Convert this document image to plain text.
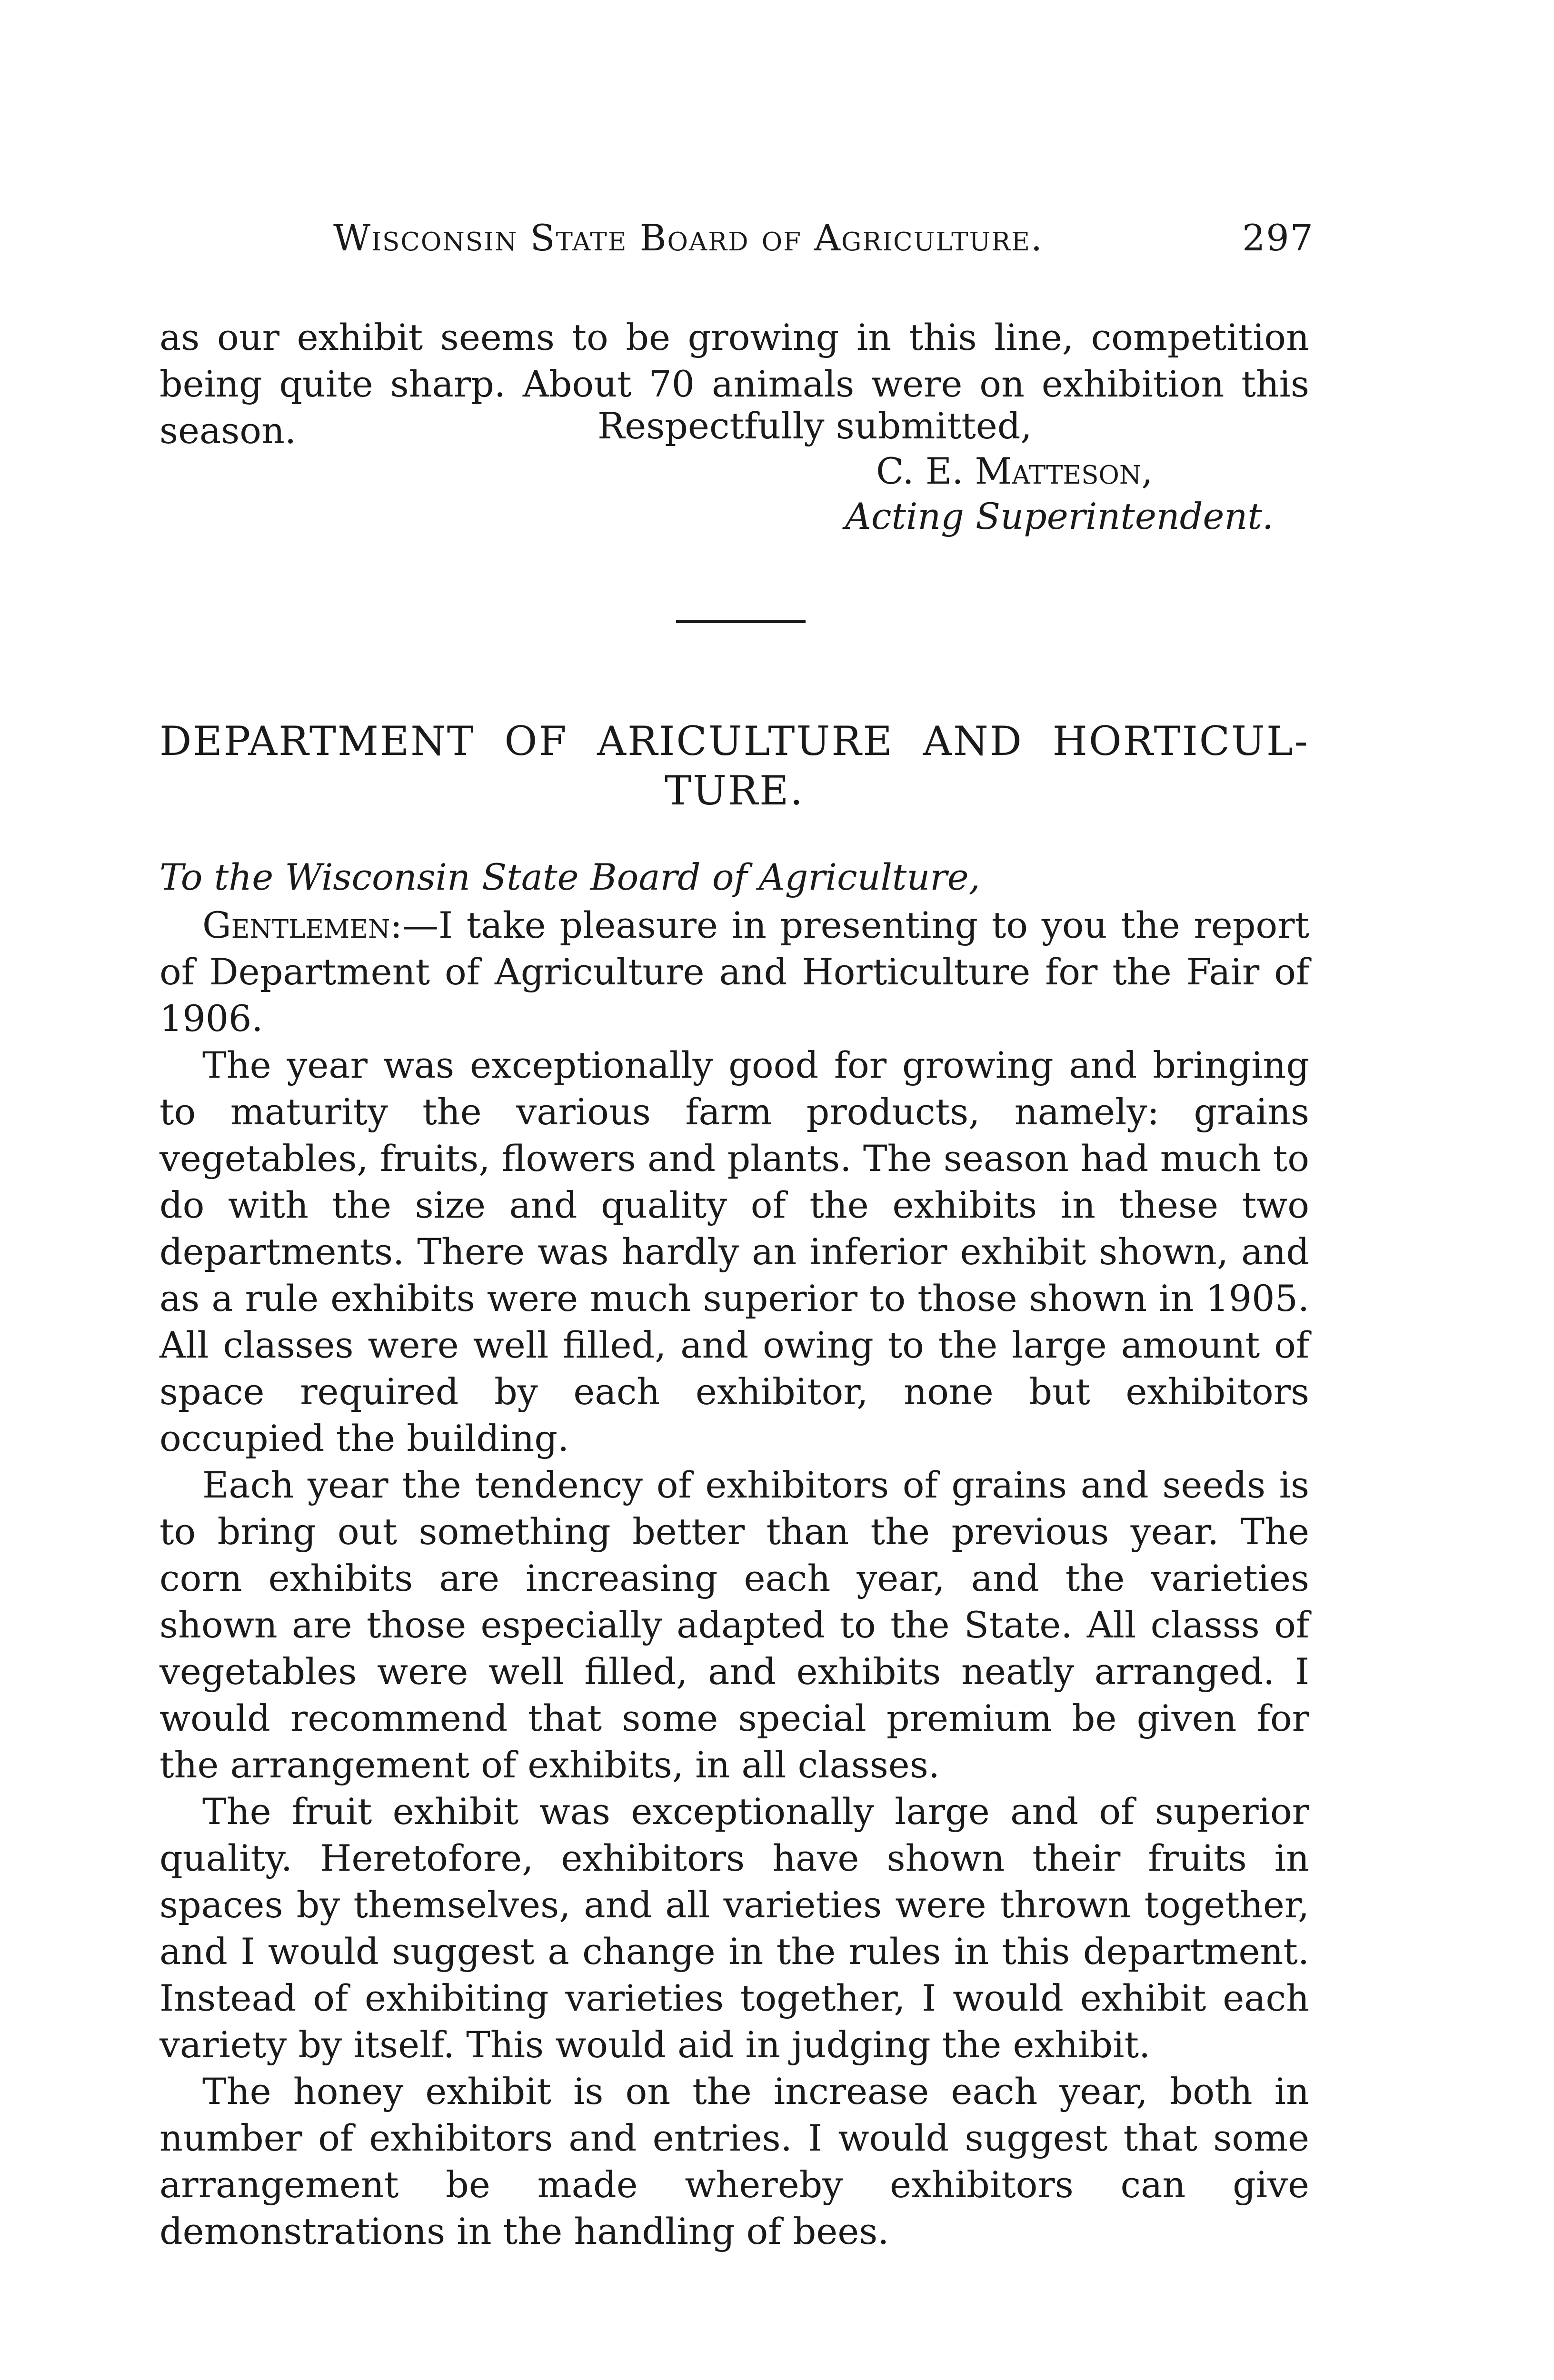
Wisconsin State Board of Agriculture.	297

as our exhibit seems to be growing in this line, competition being quite sharp. About 70 animals were on exhibition this season.	Respectfully submitted,
C. E. Matteson,
Acting Superintendent.
DEPARTMENT OF ARICULTURE AND HORTICUL-
TURE.
To the Wisconsin State Board of Agriculture,

Gentlemen:—I take pleasure in presenting to you the report of Department of Agriculture and Horticulture for the Fair of 1906.

The year was exceptionally good for growing and bringing to maturity the various farm products, namely: grains vegetables, fruits, flowers and plants. The season had much to do with the size and quality of the exhibits in these two departments. There was hardly an inferior exhibit shown, and as a rule exhibits were much superior to those shown in 1905. All classes were well filled, and owing to the large amount of space required by each exhibitor, none but exhibitors occupied the building.

Each year the tendency of exhibitors of grains and seeds is to bring out something better than the previous year. The corn exhibits are increasing each year, and the varieties shown are those especially adapted to the State. All classs of vegetables were well filled, and exhibits neatly arranged. I would recommend that some special premium be given for the arrangement of exhibits, in all classes.

The fruit exhibit was exceptionally large and of superior quality. Heretofore, exhibitors have shown their fruits in spaces by themselves, and all varieties were thrown together, and I would suggest a change in the rules in this department. Instead of exhibiting varieties together, I would exhibit each variety by itself. This would aid in judging the exhibit.

The honey exhibit is on the increase each year, both in number of exhibitors and entries. I would suggest that some arrangement be made whereby exhibitors can give demonstrations in the handling of bees.
